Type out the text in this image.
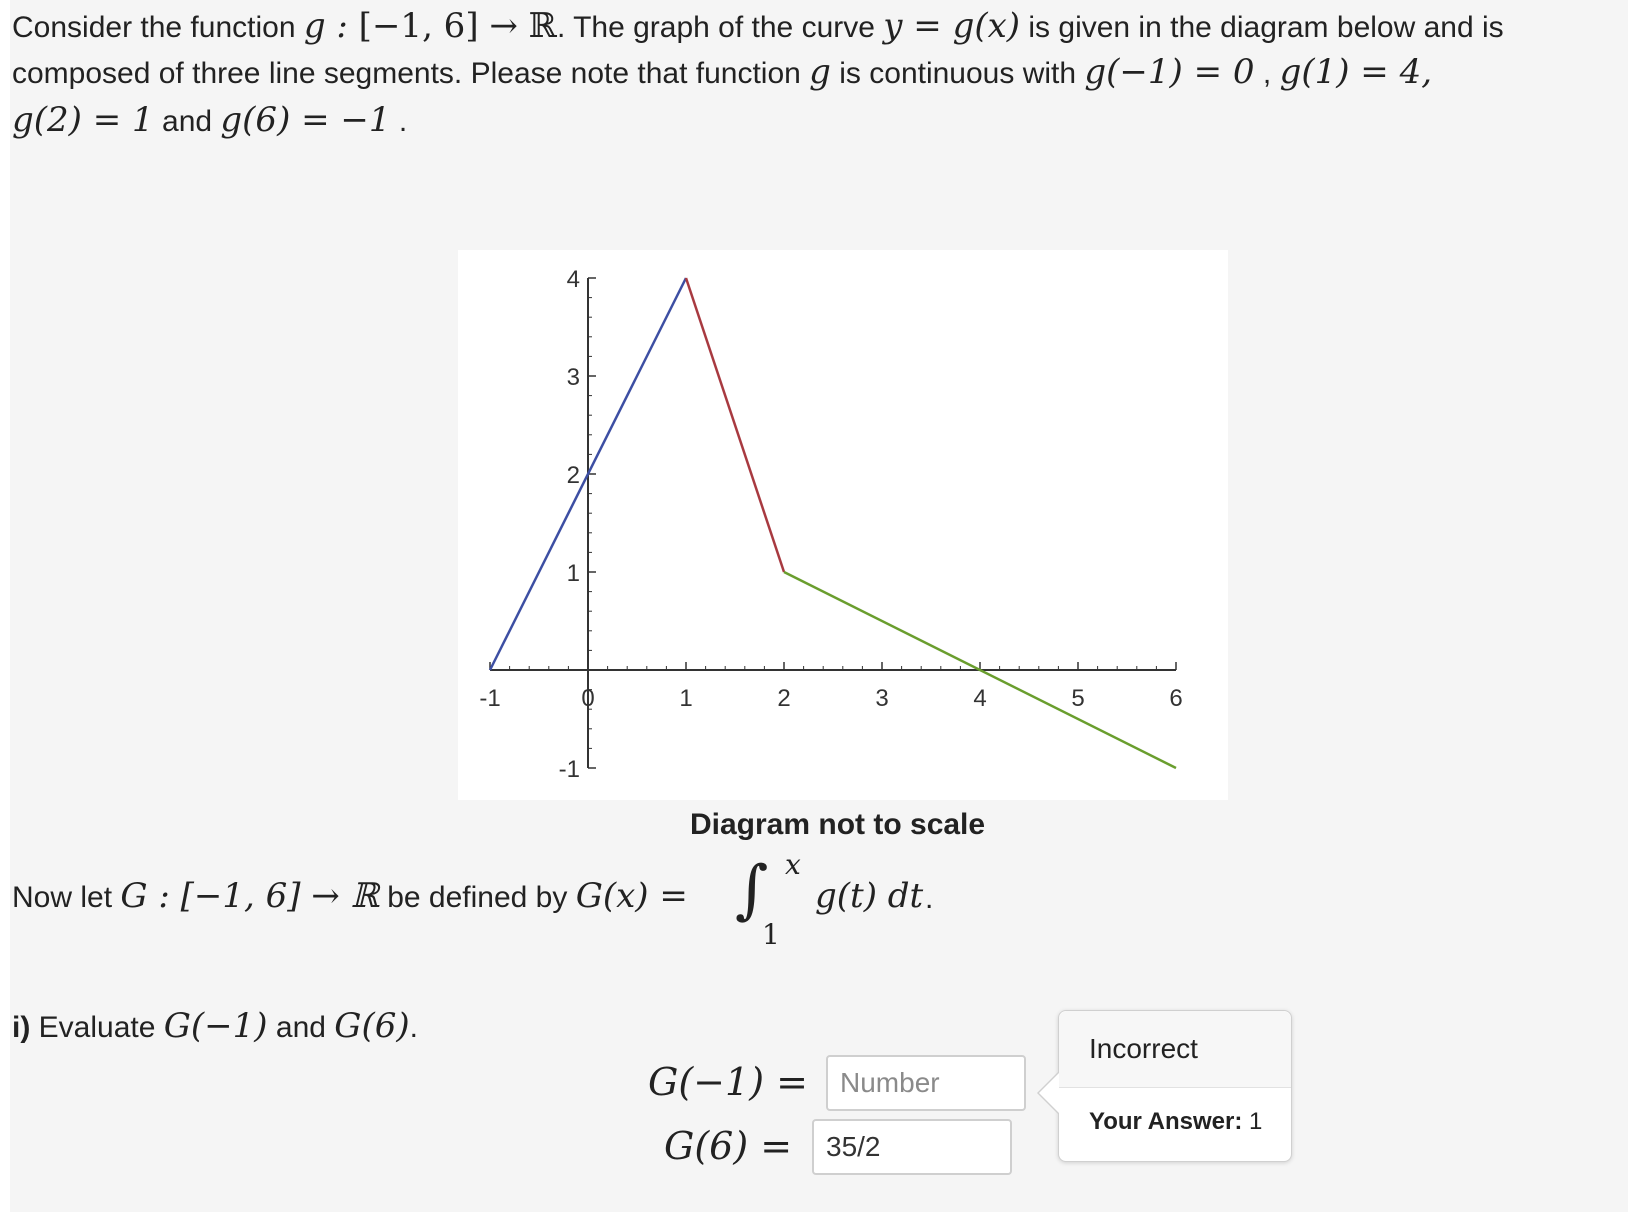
Consider the function g : [−1, 6] → ℝ. The graph of the curve y = g(x) is given in the diagram below and is
composed of three line segments. Please note that function g is continuous with g(−1) = 0 , g(1) = 4,
g(2) = 1 and g(6) = −1 .
-1	0	1	2	3	4	5	6
4
3
2
1
-1
Diagram not to scale
Now let G : [−1, 6] → ℝ be defined by G(x) = ∫ x
1
g(t) dt .
i) Evaluate G(−1) and G(6).
G(−1) =
Number
G(6) =
35/2
Incorrect
Your Answer: 1
